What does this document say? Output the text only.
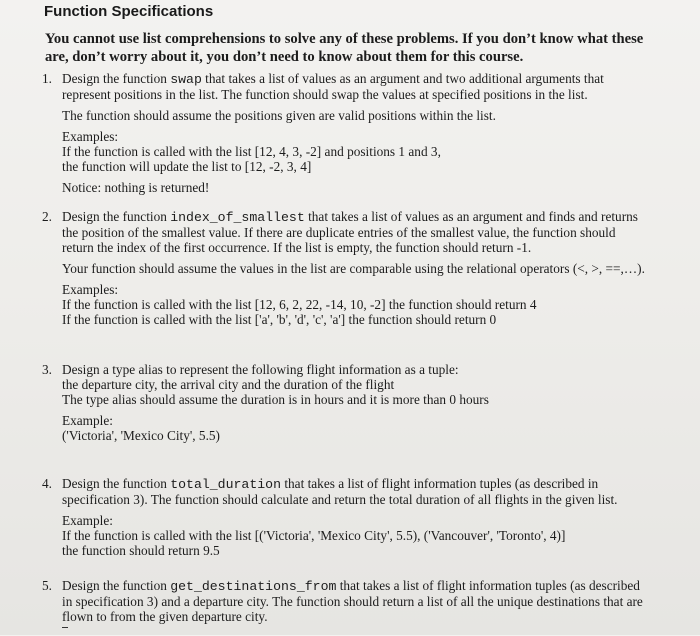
Function Specifications
You cannot use list comprehensions to solve any of these problems. If you don’t know what these are, don’t worry about it, you don’t need to know about them for this course.
1. Design the function swap that takes a list of values as an argument and two additional arguments that

represent positions in the list. The function should swap the values at specified positions in the list.

The function should assume the positions given are valid positions within the list.

Examples:

If the function is called with the list [12, 4, 3, -2] and positions 1 and 3,

the function will update the list to [12, -2, 3, 4]

Notice: nothing is returned!

2. Design the function index_of_smallest that takes a list of values as an argument and finds and returns

the position of the smallest value. If there are duplicate entries of the smallest value, the function should

return the index of the first occurrence. If the list is empty, the function should return -1.

Your function should assume the values in the list are comparable using the relational operators (<, >, ==,…).

Examples:

If the function is called with the list [12, 6, 2, 22, -14, 10, -2] the function should return 4

If the function is called with the list ['a', 'b', 'd', 'c', 'a'] the function should return 0

3. Design a type alias to represent the following flight information as a tuple:

the departure city, the arrival city and the duration of the flight

The type alias should assume the duration is in hours and it is more than 0 hours

Example:

('Victoria', 'Mexico City', 5.5)

4. Design the function total_duration that takes a list of flight information tuples (as described in

specification 3). The function should calculate and return the total duration of all flights in the given list.

Example:

If the function is called with the list [('Victoria', 'Mexico City', 5.5), ('Vancouver', 'Toronto', 4)]

the function should return 9.5

5. Design the function get_destinations_from that takes a list of flight information tuples (as described

in specification 3) and a departure city. The function should return a list of all the unique destinations that are

flown to from the given departure city.
